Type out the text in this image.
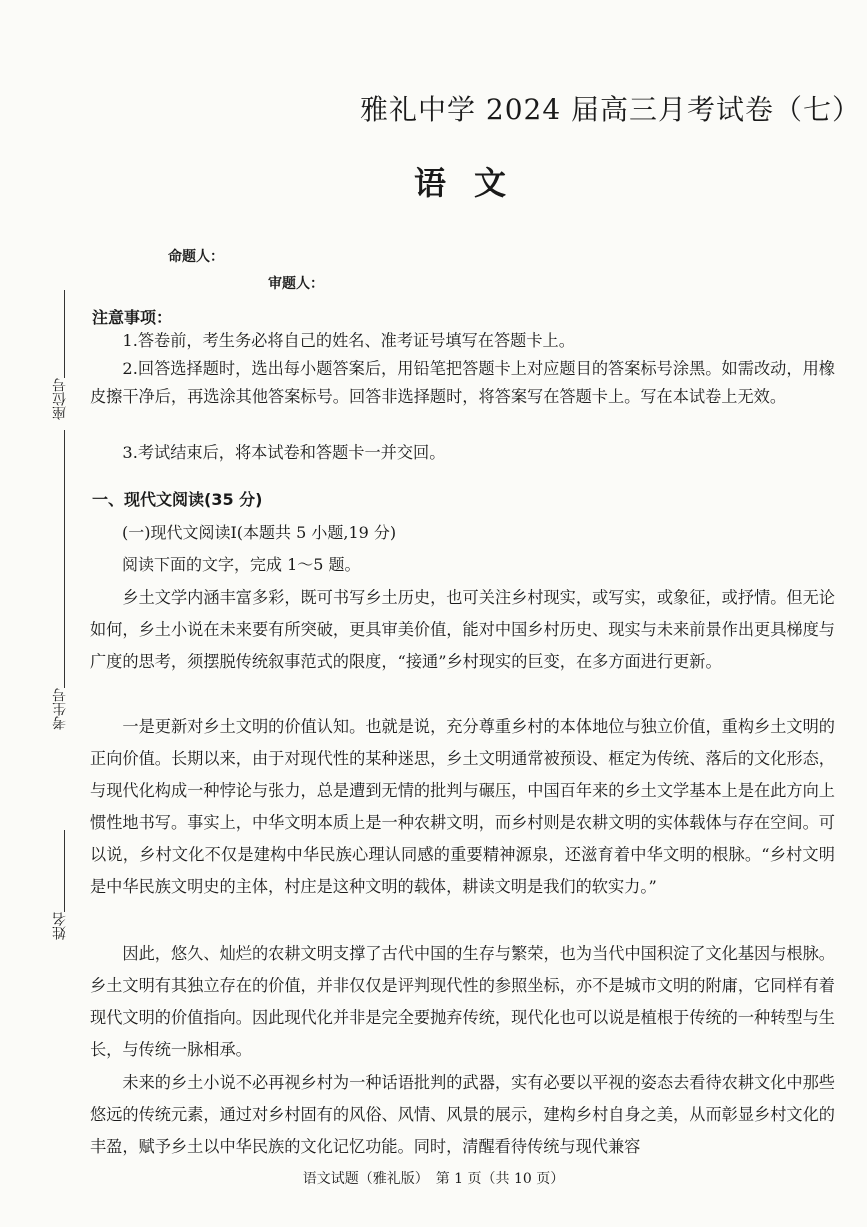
座位号
考生号
姓名
雅礼中学 2024 届高三月考试卷（七）
语文
命题人：
审题人：
注意事项：

1.答卷前，考生务必将自己的姓名、准考证号填写在答题卡上。

2.回答选择题时，选出每小题答案后，用铅笔把答题卡上对应题目的答案标号涂黑。如需改动，用橡皮擦干净后，再选涂其他答案标号。回答非选择题时，将答案写在答题卡上。写在本试卷上无效。

3.考试结束后，将本试卷和答题卡一并交回。

一、现代文阅读(35 分)
(一)现代文阅读Ⅰ(本题共 5 小题,19 分)
阅读下面的文字，完成 1～5 题。

乡土文学内涵丰富多彩，既可书写乡土历史，也可关注乡村现实，或写实，或象征，或抒情。但无论如何，乡土小说在未来要有所突破，更具审美价值，能对中国乡村历史、现实与未来前景作出更具梯度与广度的思考，须摆脱传统叙事范式的限度，“接通”乡村现实的巨变，在多方面进行更新。

一是更新对乡土文明的价值认知。也就是说，充分尊重乡村的本体地位与独立价值，重构乡土文明的正向价值。长期以来，由于对现代性的某种迷思，乡土文明通常被预设、框定为传统、落后的文化形态，与现代化构成一种悖论与张力，总是遭到无情的批判与碾压，中国百年来的乡土文学基本上是在此方向上惯性地书写。事实上，中华文明本质上是一种农耕文明，而乡村则是农耕文明的实体载体与存在空间。可以说，乡村文化不仅是建构中华民族心理认同感的重要精神源泉，还滋育着中华文明的根脉。“乡村文明是中华民族文明史的主体，村庄是这种文明的载体，耕读文明是我们的软实力。”

因此，悠久、灿烂的农耕文明支撑了古代中国的生存与繁荣，也为当代中国积淀了文化基因与根脉。乡土文明有其独立存在的价值，并非仅仅是评判现代性的参照坐标，亦不是城市文明的附庸，它同样有着现代文明的价值指向。因此现代化并非是完全要抛弃传统，现代化也可以说是植根于传统的一种转型与生长，与传统一脉相承。

未来的乡土小说不必再视乡村为一种话语批判的武器，实有必要以平视的姿态去看待农耕文化中那些悠远的传统元素，通过对乡村固有的风俗、风情、风景的展示，建构乡村自身之美，从而彰显乡村文化的丰盈，赋予乡土以中华民族的文化记忆功能。同时，清醒看待传统与现代兼容

语文试题（雅礼版）　第 1 页（共 10 页）
